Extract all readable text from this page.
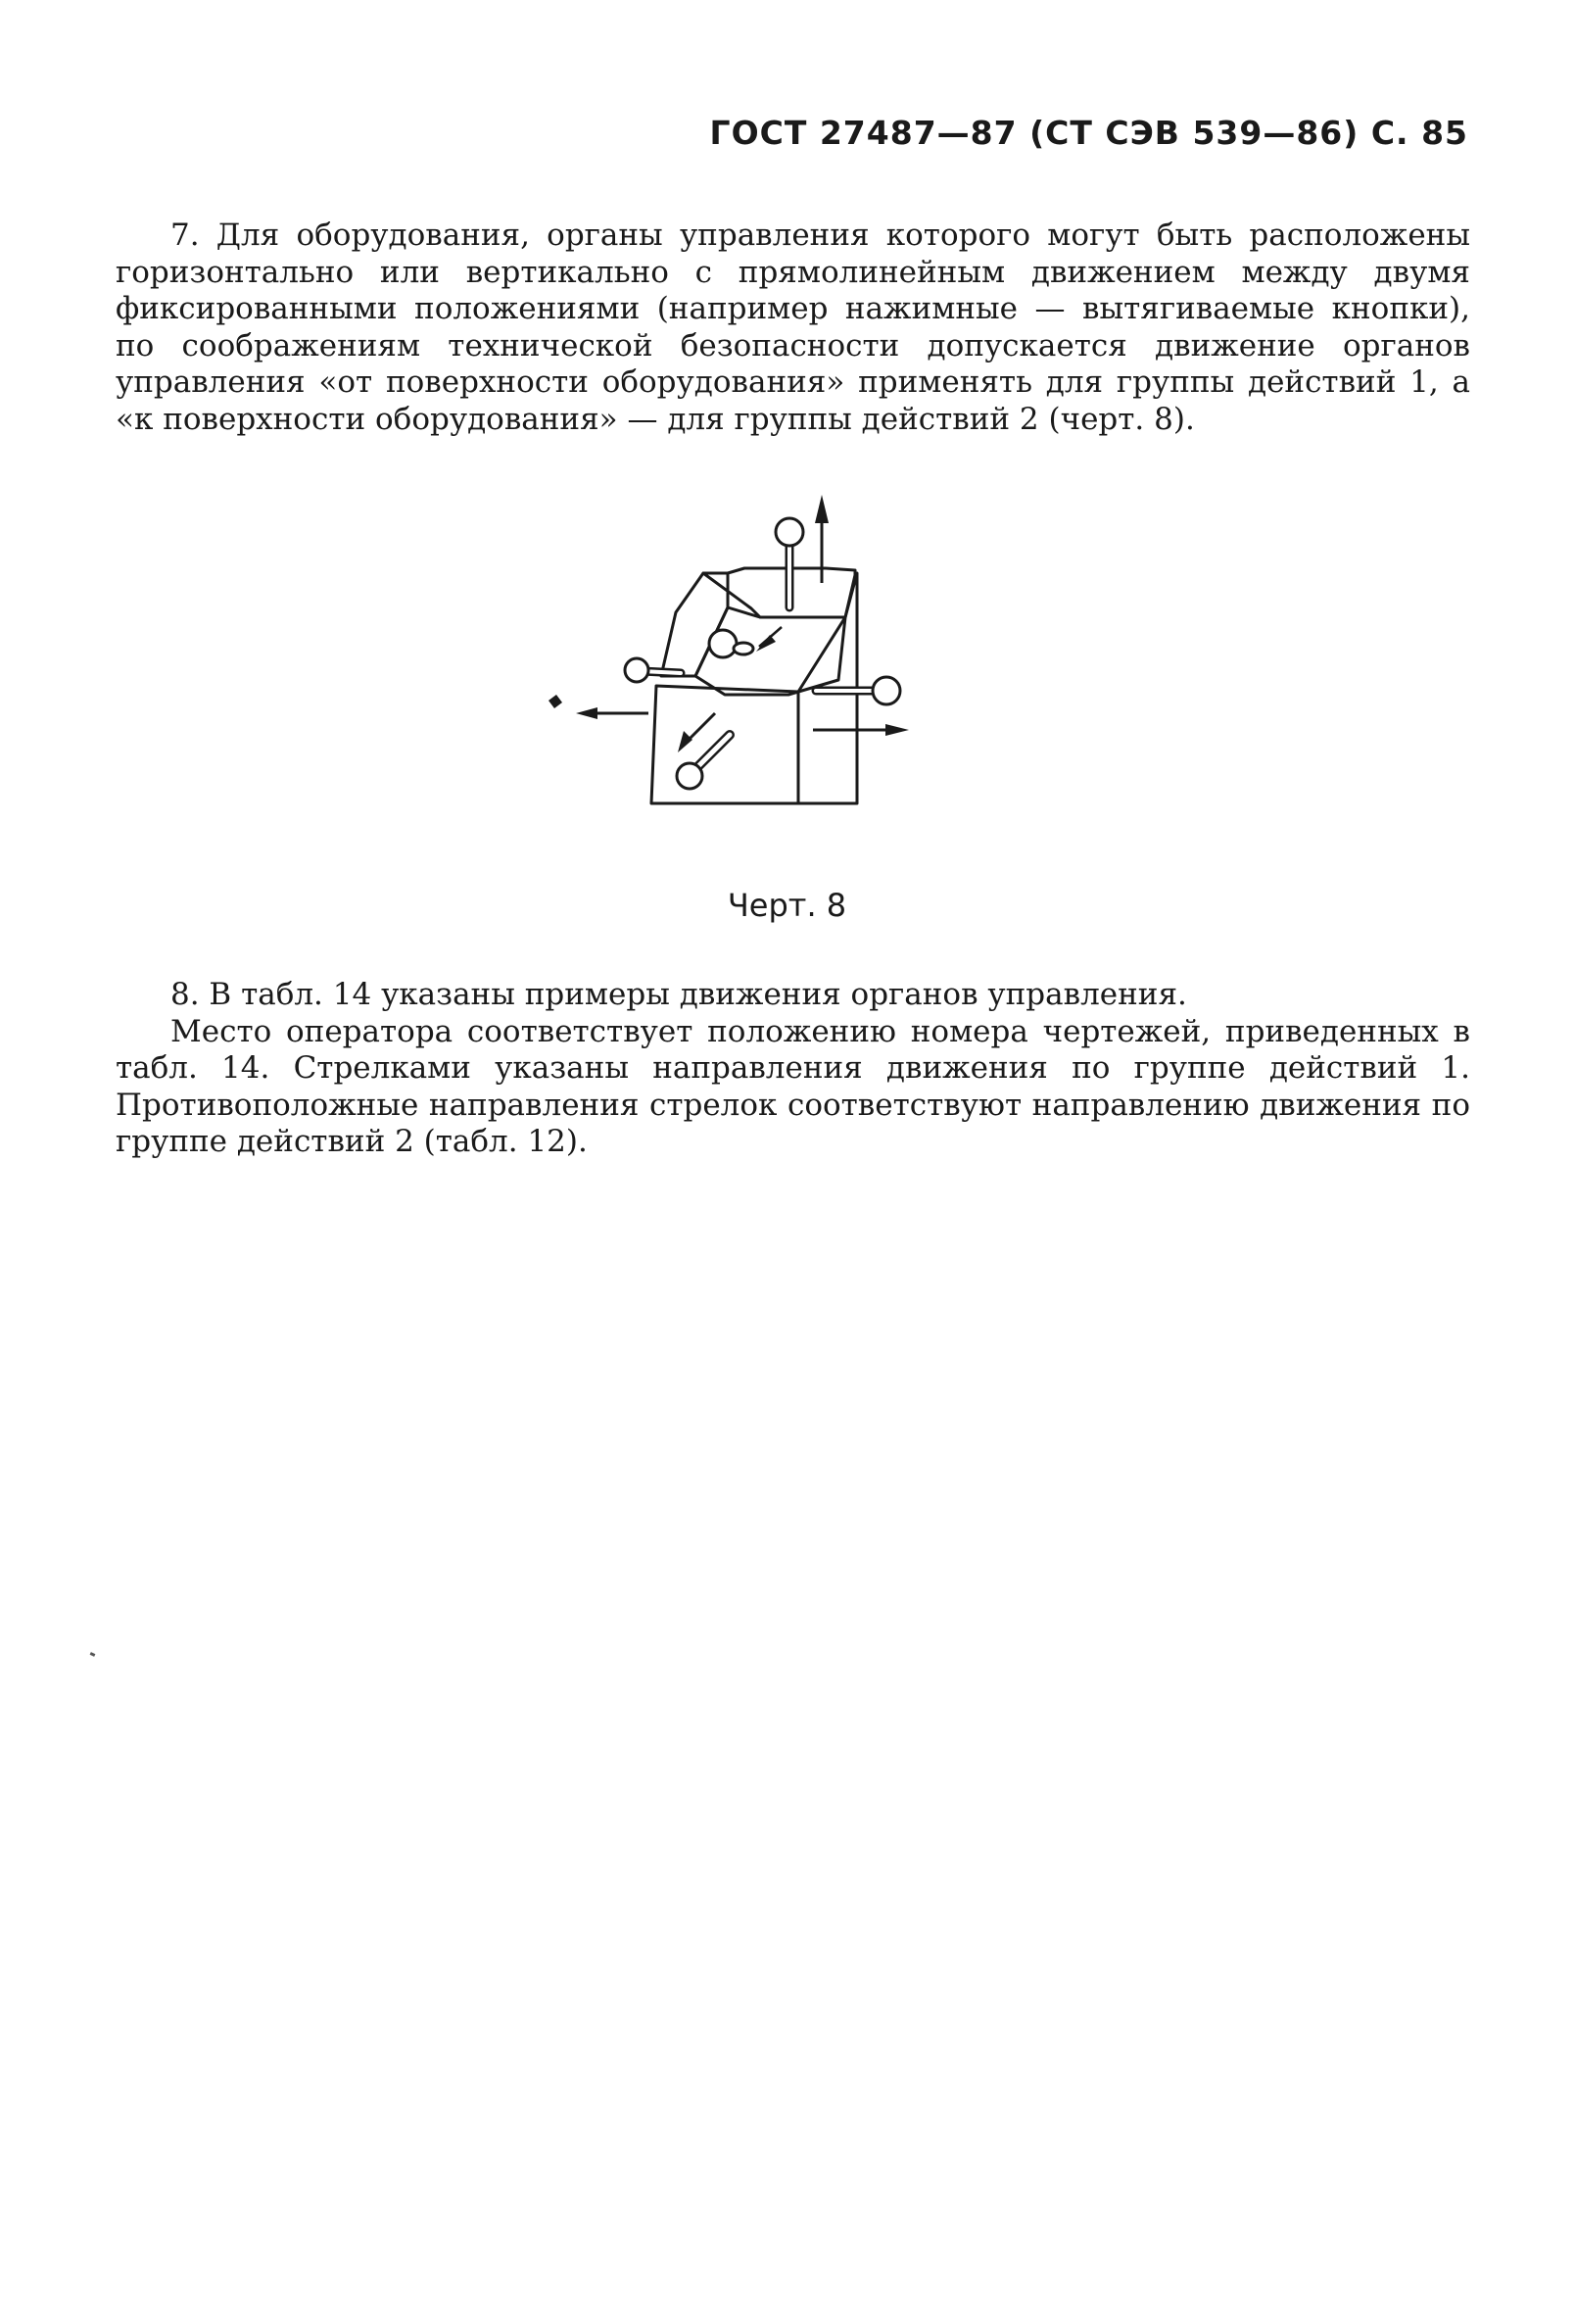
ГОСТ 27487—87 (СТ СЭВ 539—86) С. 85

7. Для оборудования, органы управления которого могут быть расположены горизонтально или вертикально с прямолинейным движением между двумя фиксированными положениями (например нажимные — вытягиваемые кнопки), по соображениям технической безопасности допускается движение органов управления «от поверхности оборудования» применять для группы действий 1, а «к поверхности оборудования» — для группы действий 2 (черт. 8).

Черт. 8

8. В табл. 14 указаны примеры движения органов управления.

Место оператора соответствует положению номера чертежей, приведенных в табл. 14. Стрелками указаны направления движения по группе действий 1. Противоположные направления стрелок соответствуют направлению движения по группе действий 2 (табл. 12).
